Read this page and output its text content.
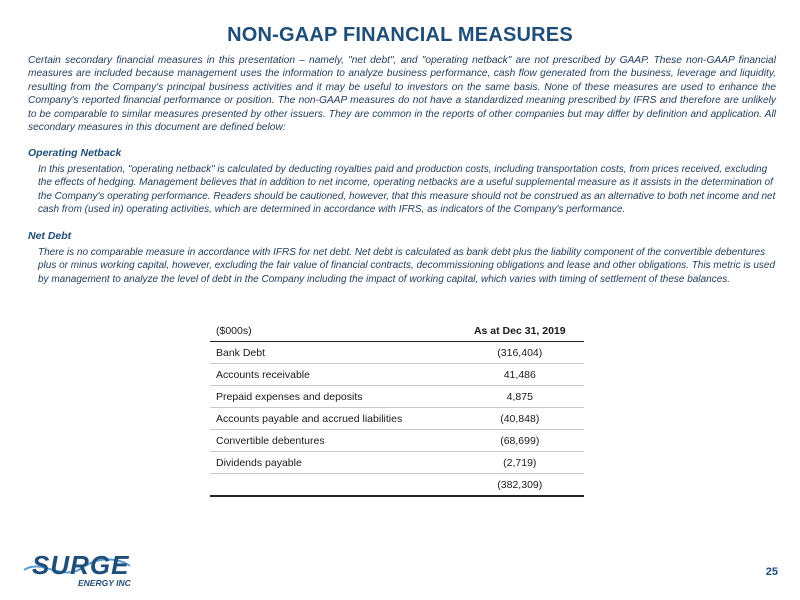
NON-GAAP FINANCIAL MEASURES

Certain secondary financial measures in this presentation – namely, "net debt", and "operating netback" are not prescribed by GAAP. These non-GAAP financial measures are included because management uses the information to analyze business performance, cash flow generated from the business, leverage and liquidity, resulting from the Company's principal business activities and it may be useful to investors on the same basis. None of these measures are used to enhance the Company's reported financial performance or position. The non-GAAP measures do not have a standardized meaning prescribed by IFRS and therefore are unlikely to be comparable to similar measures presented by other issuers. They are common in the reports of other companies but may differ by definition and application. All secondary measures in this document are defined below:

Operating Netback

In this presentation, "operating netback" is calculated by deducting royalties paid and production costs, including transportation costs, from prices received, excluding the effects of hedging. Management believes that in addition to net income, operating netbacks are a useful supplemental measure as it assists in the determination of the Company's operating performance. Readers should be cautioned, however, that this measure should not be construed as an alternative to both net income and net cash from (used in) operating activities, which are determined in accordance with IFRS, as indicators of the Company's performance.

Net Debt

There is no comparable measure in accordance with IFRS for net debt. Net debt is calculated as bank debt plus the liability component of the convertible debentures plus or minus working capital, however, excluding the fair value of financial contracts, decommissioning obligations and lease and other obligations. This metric is used by management to analyze the level of debt in the Company including the impact of working capital, which varies with timing of settlement of these balances.

($000s)	As at Dec 31, 2019
Bank Debt	(316,404)
Accounts receivable	41,486
Prepaid expenses and deposits	4,875
Accounts payable and accrued liabilities	(40,848)
Convertible debentures	(68,699)
Dividends payable	(2,719)
	(382,309)
SURGE
ENERGY INC
25
